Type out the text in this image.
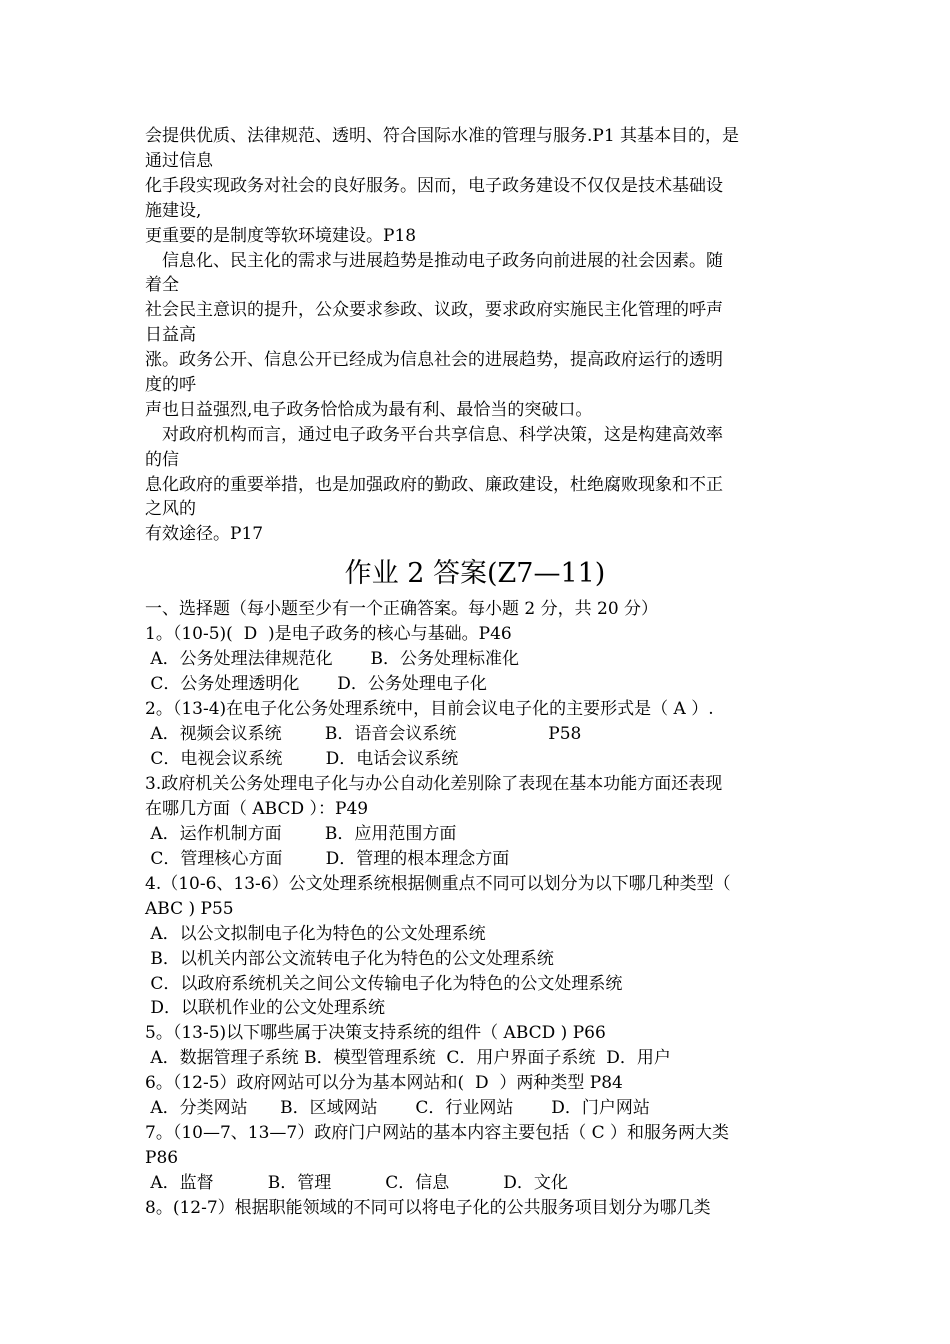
会提供优质、法律规范、透明、符合国际水准的管理与服务.P1 其基本目的，是
通过信息
化手段实现政务对社会的良好服务。因而，电子政务建设不仅仅是技术基础设
施建设,
更重要的是制度等软环境建设。P18
　信息化、民主化的需求与进展趋势是推动电子政务向前进展的社会因素。随
着全
社会民主意识的提升，公众要求参政、议政，要求政府实施民主化管理的呼声
日益高
涨。政务公开、信息公开已经成为信息社会的进展趋势，提高政府运行的透明
度的呼
声也日益强烈,电子政务恰恰成为最有利、最恰当的突破口。
　对政府机构而言，通过电子政务平台共享信息、科学决策，这是构建高效率
的信
息化政府的重要举措，也是加强政府的勤政、廉政建设，杜绝腐败现象和不正
之风的
有效途径。P17
作业 2 答案(Z7—11)
一、选择题（每小题至少有一个正确答案。每小题 2 分，共 20 分）
1。（10-5)(  D  )是电子政务的核心与基础。P46
A．公务处理法律规范化       B．公务处理标准化
C．公务处理透明化       D．公务处理电子化
2。（13-4)在电子化公务处理系统中，目前会议电子化的主要形式是（ A ）.
A．视频会议系统        B．语音会议系统                 P58
C．电视会议系统        D．电话会议系统
3.政府机关公务处理电子化与办公自动化差别除了表现在基本功能方面还表现
在哪几方面（ ABCD ）：P49
A．运作机制方面        B．应用范围方面
C．管理核心方面        D．管理的根本理念方面
4.（10-6、13-6）公文处理系统根据侧重点不同可以划分为以下哪几种类型（
ABC ) P55
A．以公文拟制电子化为特色的公文处理系统
B．以机关内部公文流转电子化为特色的公文处理系统
C．以政府系统机关之间公文传输电子化为特色的公文处理系统
D．以联机作业的公文处理系统
5。（13-5)以下哪些属于决策支持系统的组件（ ABCD ) P66
A．数据管理子系统 B．模型管理系统  C．用户界面子系统  D．用户
6。（12-5）政府网站可以分为基本网站和(  D  ）两种类型 P84
A．分类网站      B．区域网站       C．行业网站       D．门户网站
7。（10—7、13—7）政府门户网站的基本内容主要包括（ C ）和服务两大类
P86
A．监督          B．管理          C．信息          D．文化
8。(12-7）根据职能领域的不同可以将电子化的公共服务项目划分为哪几类
